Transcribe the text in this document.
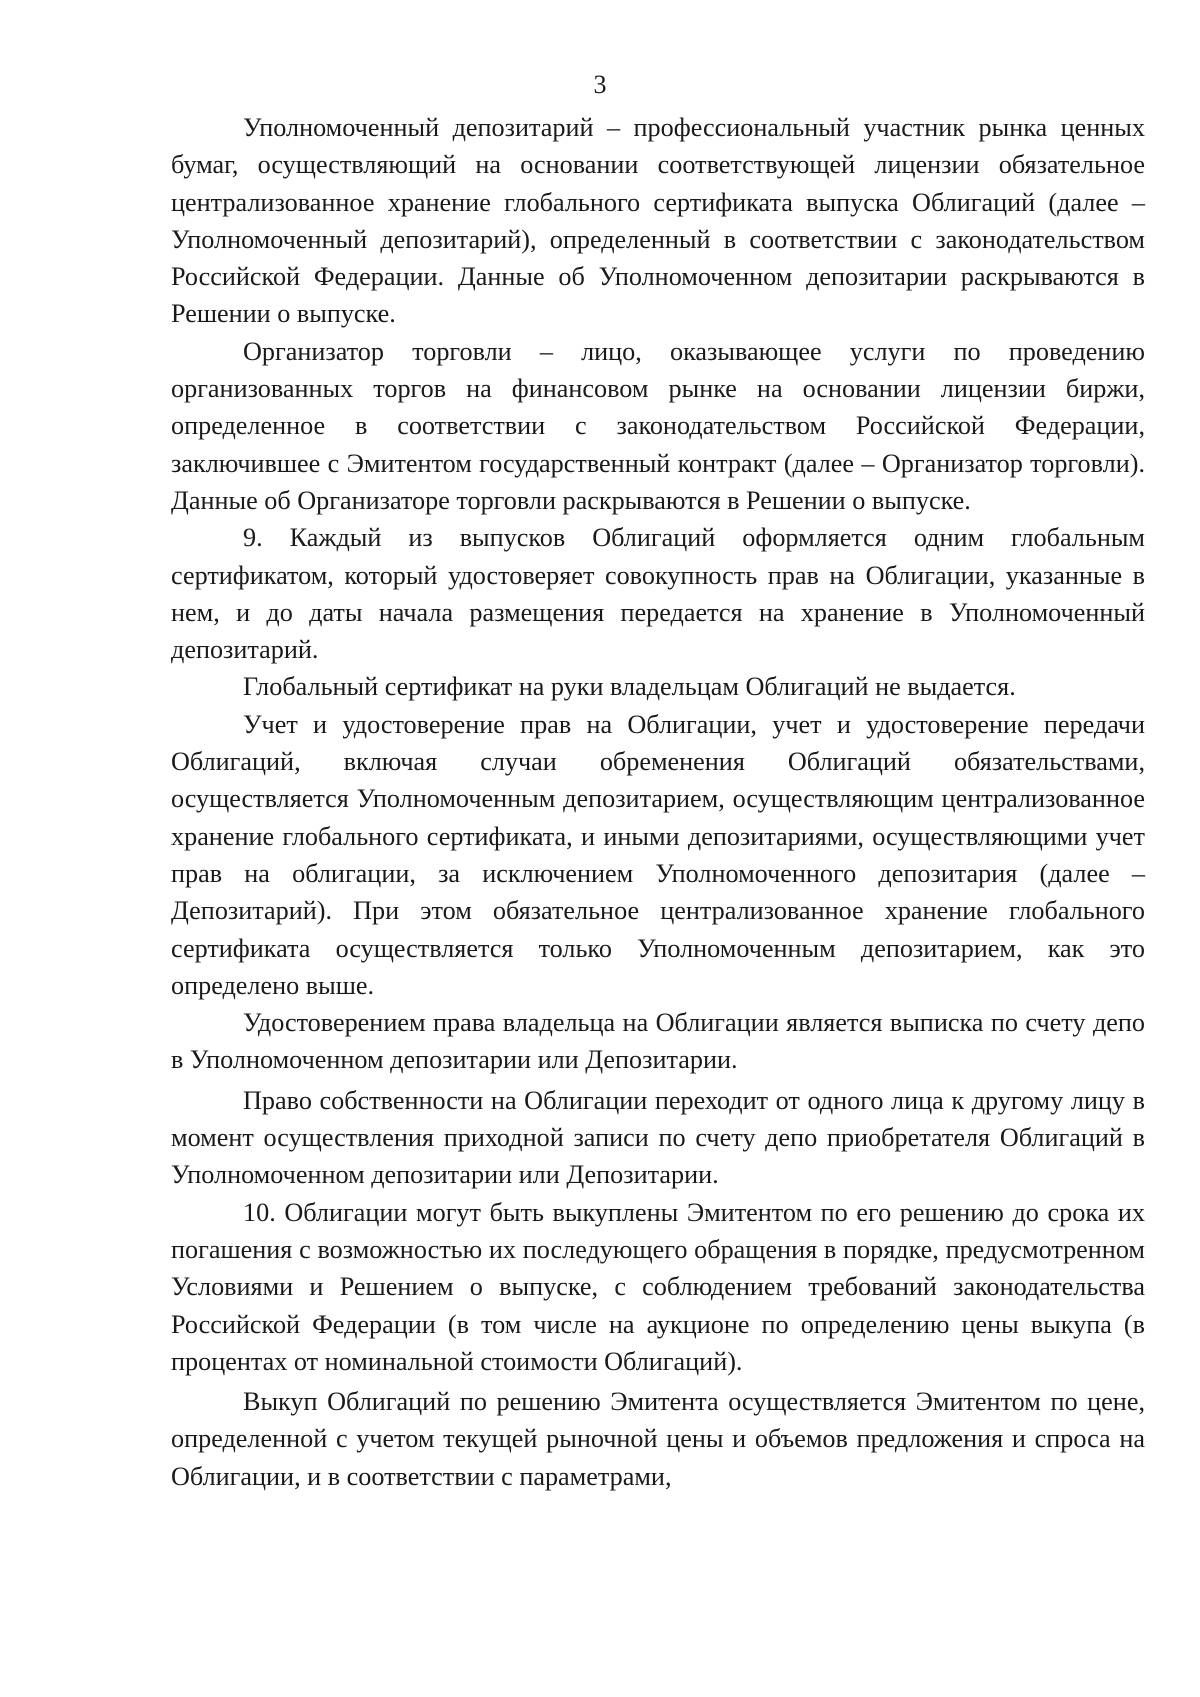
3

Уполномоченный депозитарий – профессиональный участник рынка ценных бумаг, осуществляющий на основании соответствующей лицензии обязательное централизованное хранение глобального сертификата выпуска Облигаций (далее – Уполномоченный депозитарий), определенный в соответствии с законодательством Российской Федерации. Данные об Уполномоченном депозитарии раскрываются в Решении о выпуске.

Организатор торговли – лицо, оказывающее услуги по проведению организованных торгов на финансовом рынке на основании лицензии биржи, определенное в соответствии с законодательством Российской Федерации, заключившее с Эмитентом государственный контракт (далее – Организатор торговли). Данные об Организаторе торговли раскрываются в Решении о выпуске.

9. Каждый из выпусков Облигаций оформляется одним глобальным сертификатом, который удостоверяет совокупность прав на Облигации, указанные в нем, и до даты начала размещения передается на хранение в Уполномоченный депозитарий.

Глобальный сертификат на руки владельцам Облигаций не выдается.

Учет и удостоверение прав на Облигации, учет и удостоверение передачи Облигаций, включая случаи обременения Облигаций обязательствами, осуществляется Уполномоченным депозитарием, осуществляющим централизованное хранение глобального сертификата, и иными депозитариями, осуществляющими учет прав на облигации, за исключением Уполномоченного депозитария (далее – Депозитарий). При этом обязательное централизованное хранение глобального сертификата осуществляется только Уполномоченным депозитарием, как это определено выше.

Удостоверением права владельца на Облигации является выписка по счету депо в Уполномоченном депозитарии или Депозитарии.

Право собственности на Облигации переходит от одного лица к другому лицу в момент осуществления приходной записи по счету депо приобретателя Облигаций в Уполномоченном депозитарии или Депозитарии.

10. Облигации могут быть выкуплены Эмитентом по его решению до срока их погашения с возможностью их последующего обращения в порядке, предусмотренном Условиями и Решением о выпуске, с соблюдением требований законодательства Российской Федерации (в том числе на аукционе по определению цены выкупа (в процентах от номинальной стоимости Облигаций).

Выкуп Облигаций по решению Эмитента осуществляется Эмитентом по цене, определенной с учетом текущей рыночной цены и объемов предложения и спроса на Облигации, и в соответствии с параметрами,
